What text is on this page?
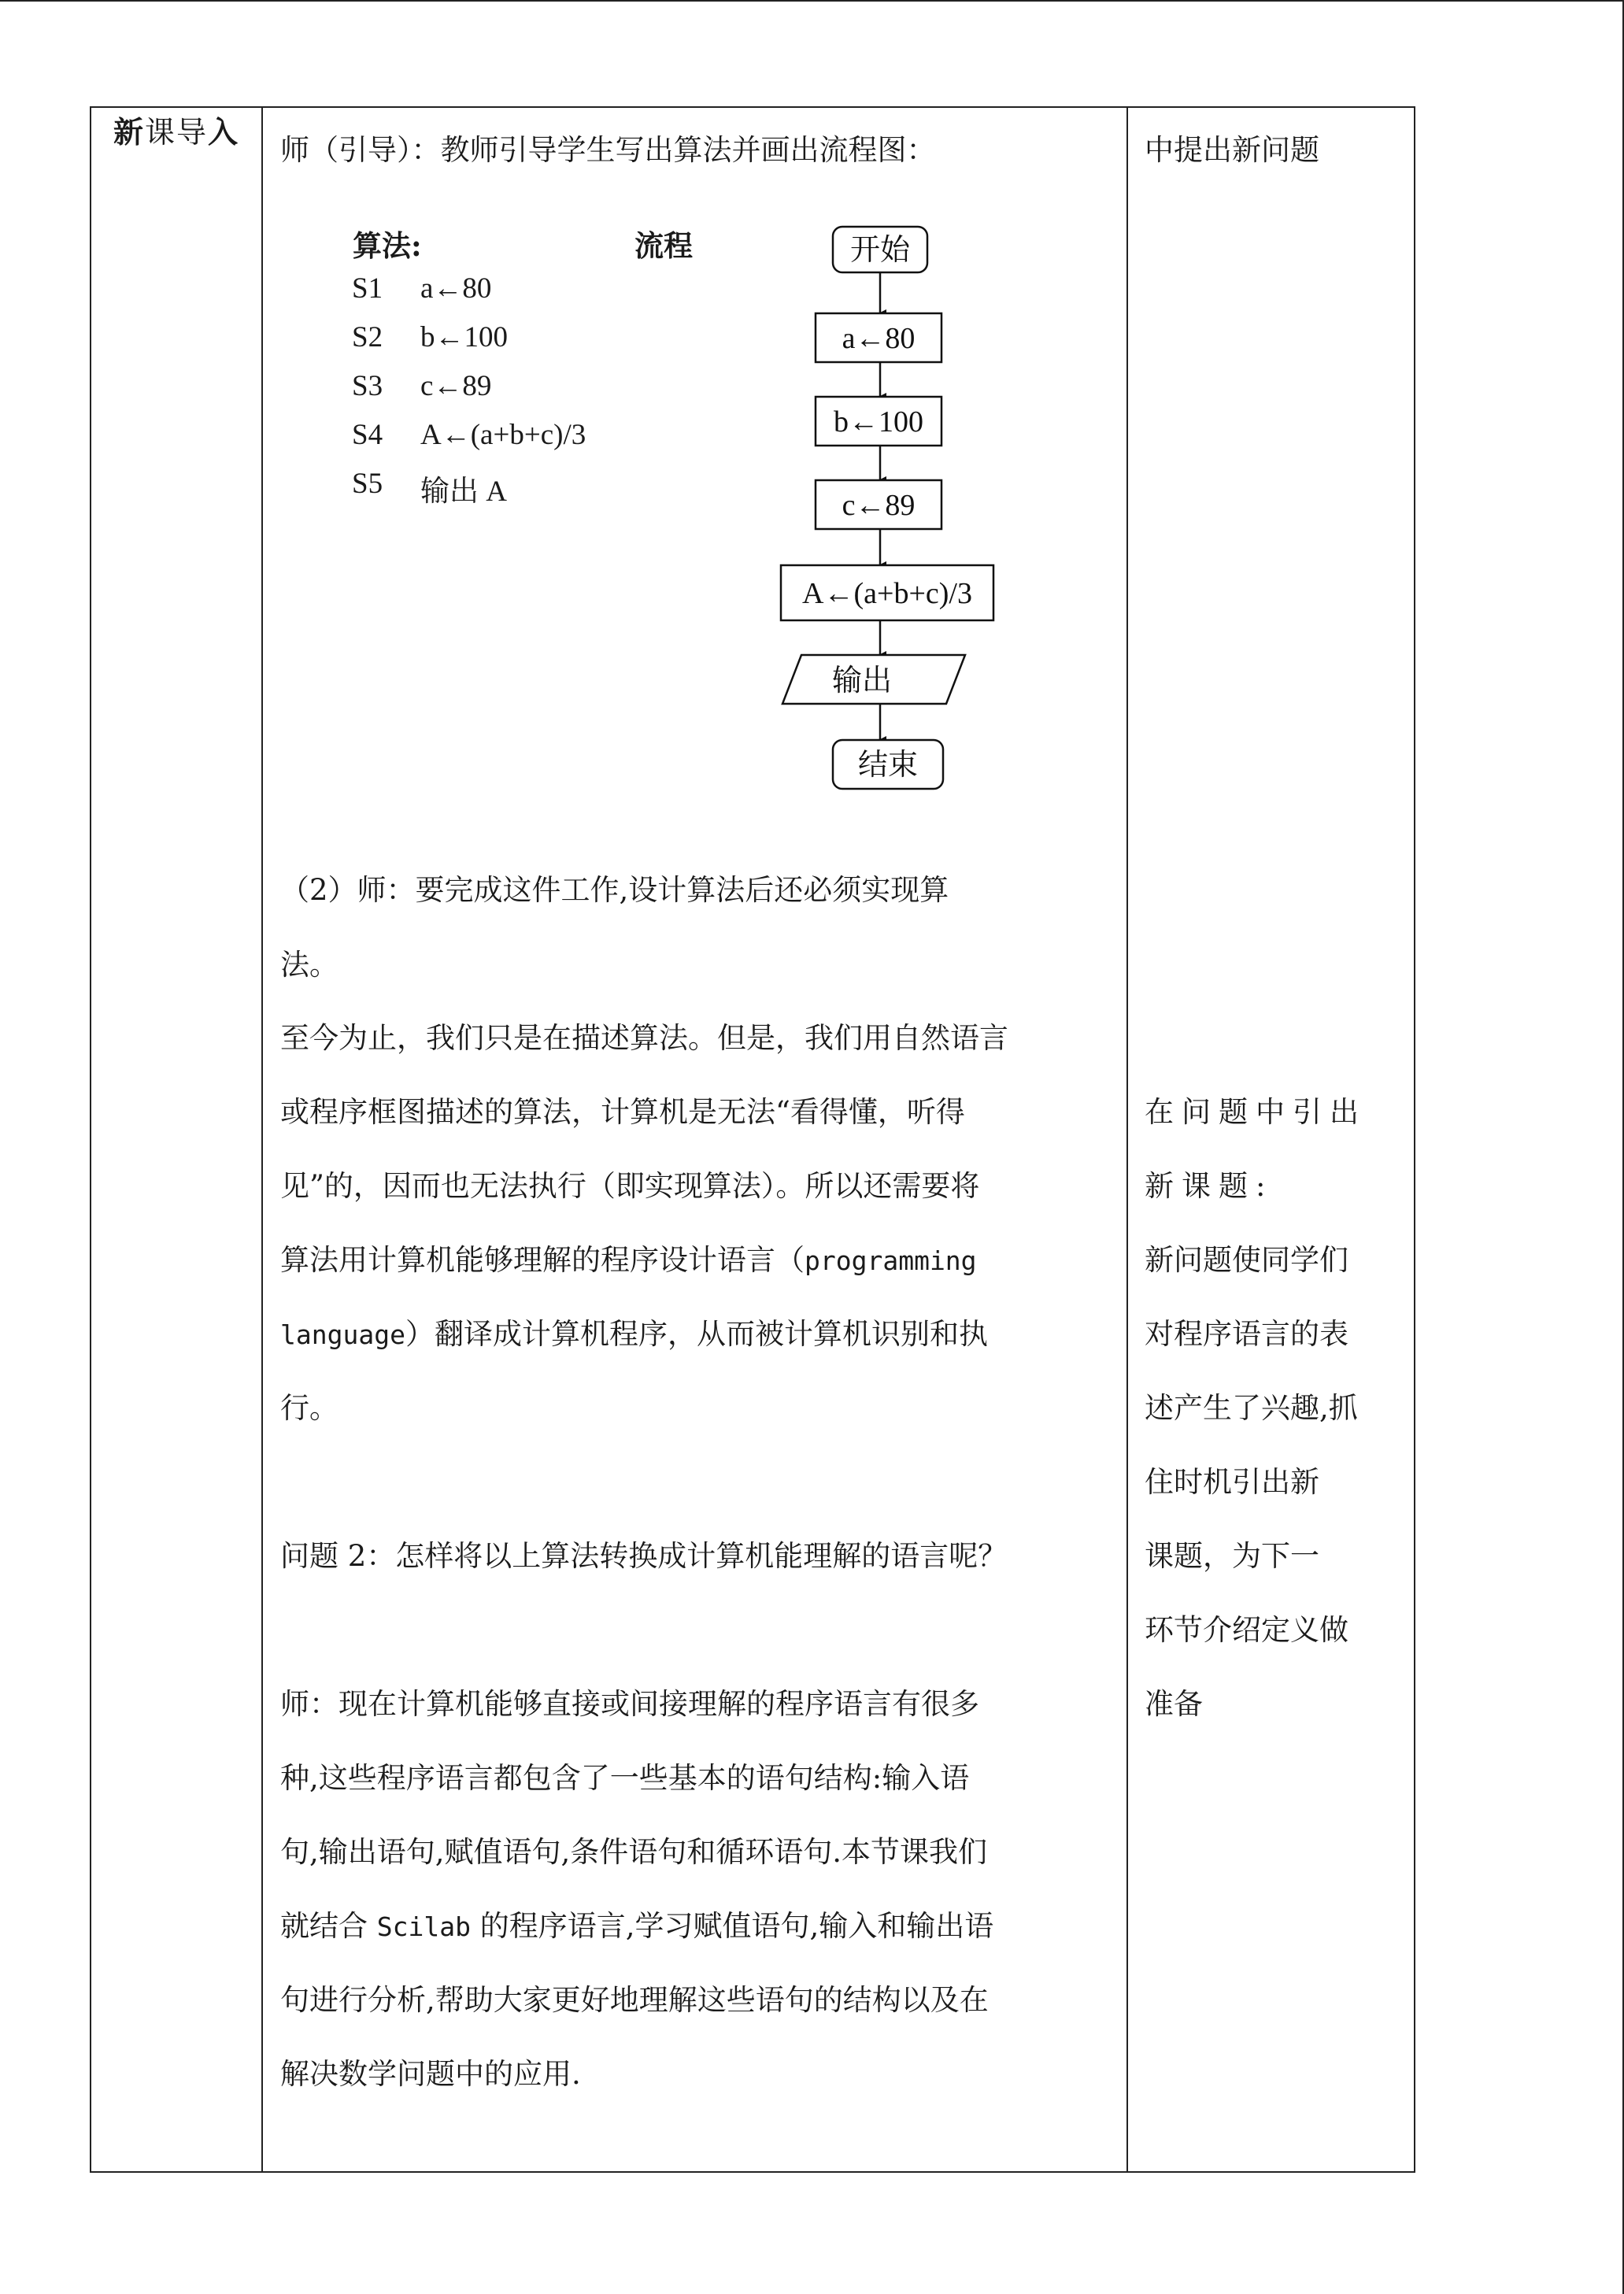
新课导入		
师（引导）：教师引导学生写出算法并画出流程图：
算法:	流程
S1 a←80
S2 b←100
S3 c←89
S4 A←(a+b+c)/3
S5 输出 A
开始
a←80
b←100
c←89
A←(a+b+c)/3
输出
结束
（2）师：要完成这件工作,设计算法后还必须实现算
法。
至今为止，我们只是在描述算法。但是，我们用自然语言
或程序框图描述的算法，计算机是无法“看得懂，听得
见”的，因而也无法执行（即实现算法）。所以还需要将
算法用计算机能够理解的程序设计语言（programming
language）翻译成计算机程序，从而被计算机识别和执
行。
问题 2：怎样将以上算法转换成计算机能理解的语言呢？
师：现在计算机能够直接或间接理解的程序语言有很多
种,这些程序语言都包含了一些基本的语句结构:输入语
句,输出语句,赋值语句,条件语句和循环语句.本节课我们
就结合 Scilab 的程序语言,学习赋值语句,输入和输出语
句进行分析,帮助大家更好地理解这些语句的结构以及在
解决数学问题中的应用.
中提出新问题
在问题中引出
新课题:
新问题使同学们
对程序语言的表
述产生了兴趣,抓
住时机引出新
课题，为下一
环节介绍定义做
准备
